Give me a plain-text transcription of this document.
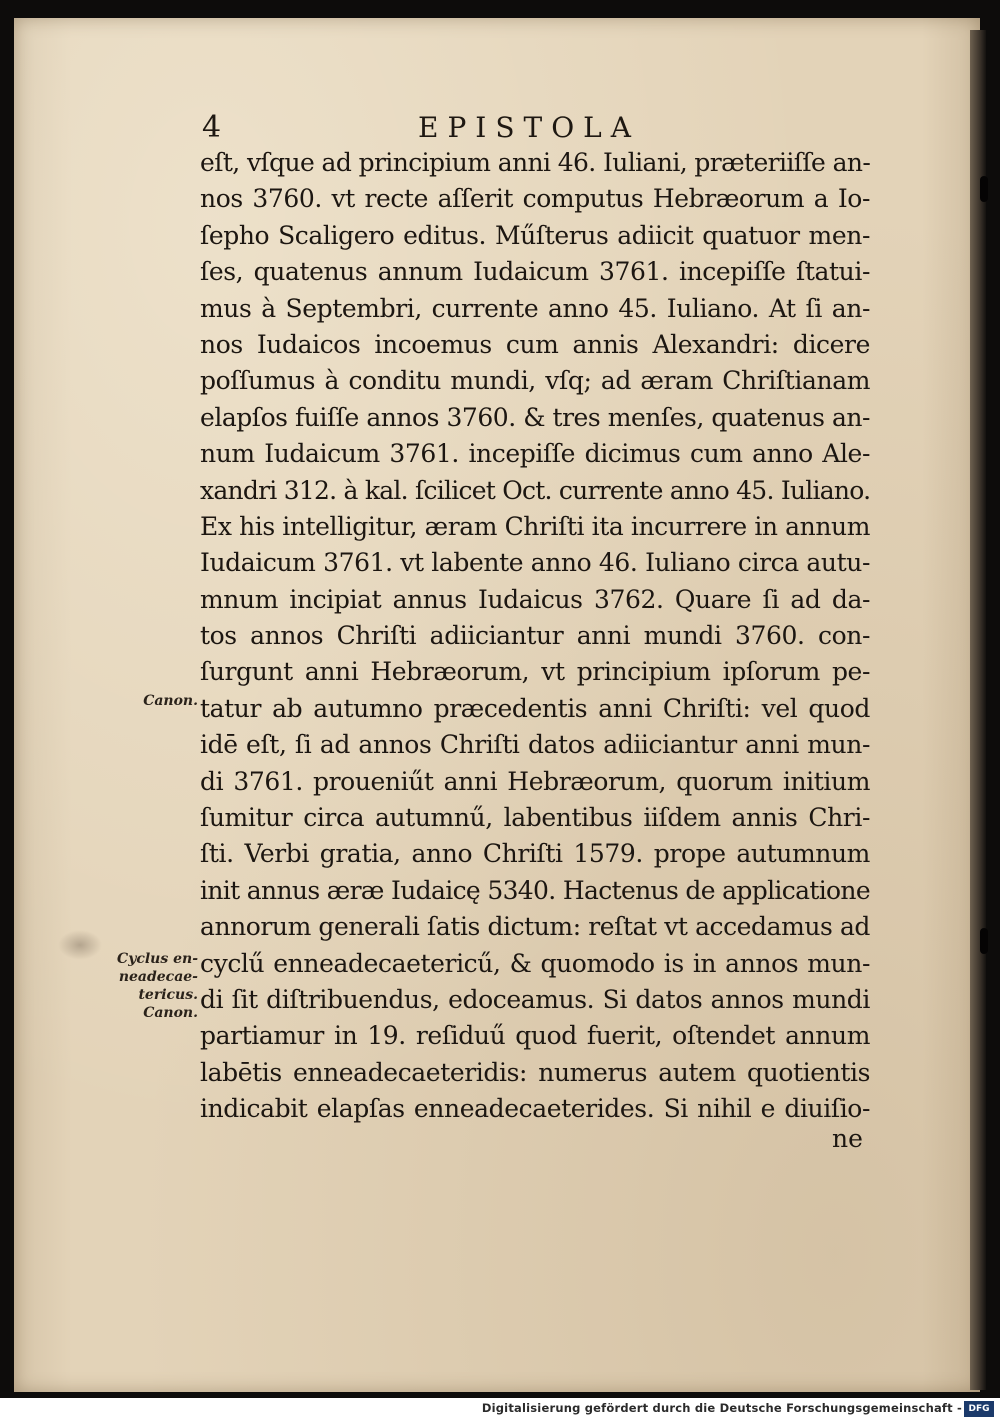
4	EPISTOLA
eſt, vſque ad principium anni 46. Iuliani, præteriiſſe an-
nos 3760. vt recte aſſerit computus Hebræorum a Io-
ſepho Scaligero editus. Műſterus adiicit quatuor men-
ſes, quatenus annum Iudaicum 3761. incepiſſe ſtatui-
mus à Septembri, currente anno 45. Iuliano. At ſi an-
nos Iudaicos incoemus cum annis Alexandri: dicere
poſſumus à conditu mundi, vſq; ad æram Chriſtianam
elapſos fuiſſe annos 3760. & tres menſes, quatenus an-
num Iudaicum 3761. incepiſſe dicimus cum anno Ale-
xandri 312. à kal. ſcilicet Oct. currente anno 45. Iuliano.
Ex his intelligitur, æram Chriſti ita incurrere in annum
Iudaicum 3761. vt labente anno 46. Iuliano circa autu-
mnum incipiat annus Iudaicus 3762. Quare ſi ad da-
tos annos Chriſti adiiciantur anni mundi 3760. con-
ſurgunt anni Hebræorum, vt principium ipſorum pe-
tatur ab autumno præcedentis anni Chriſti: vel quod
idē eſt, ſi ad annos Chriſti datos adiiciantur anni mun-
di 3761. proueniűt anni Hebræorum, quorum initium
ſumitur circa autumnű, labentibus iiſdem annis Chri-
ſti. Verbi gratia, anno Chriſti 1579. prope autumnum
init annus æræ Iudaicę 5340. Hactenus de applicatione
annorum generali ſatis dictum: reſtat vt accedamus ad
cyclű enneadecaetericű, & quomodo is in annos mun-
di ſit diſtribuendus, edoceamus. Si datos annos mundi
partiamur in 19. reſiduű quod fuerit, oſtendet annum
labētis enneadecaeteridis: numerus autem quotientis
indicabit elapſas enneadecaeterides. Si nihil e diuiſio-
ne
Canon.
Cyclus en-
neadecae-
tericus.
Canon.
Digitalisierung gefördert durch die Deutsche Forschungsgemeinschaft - DFG
